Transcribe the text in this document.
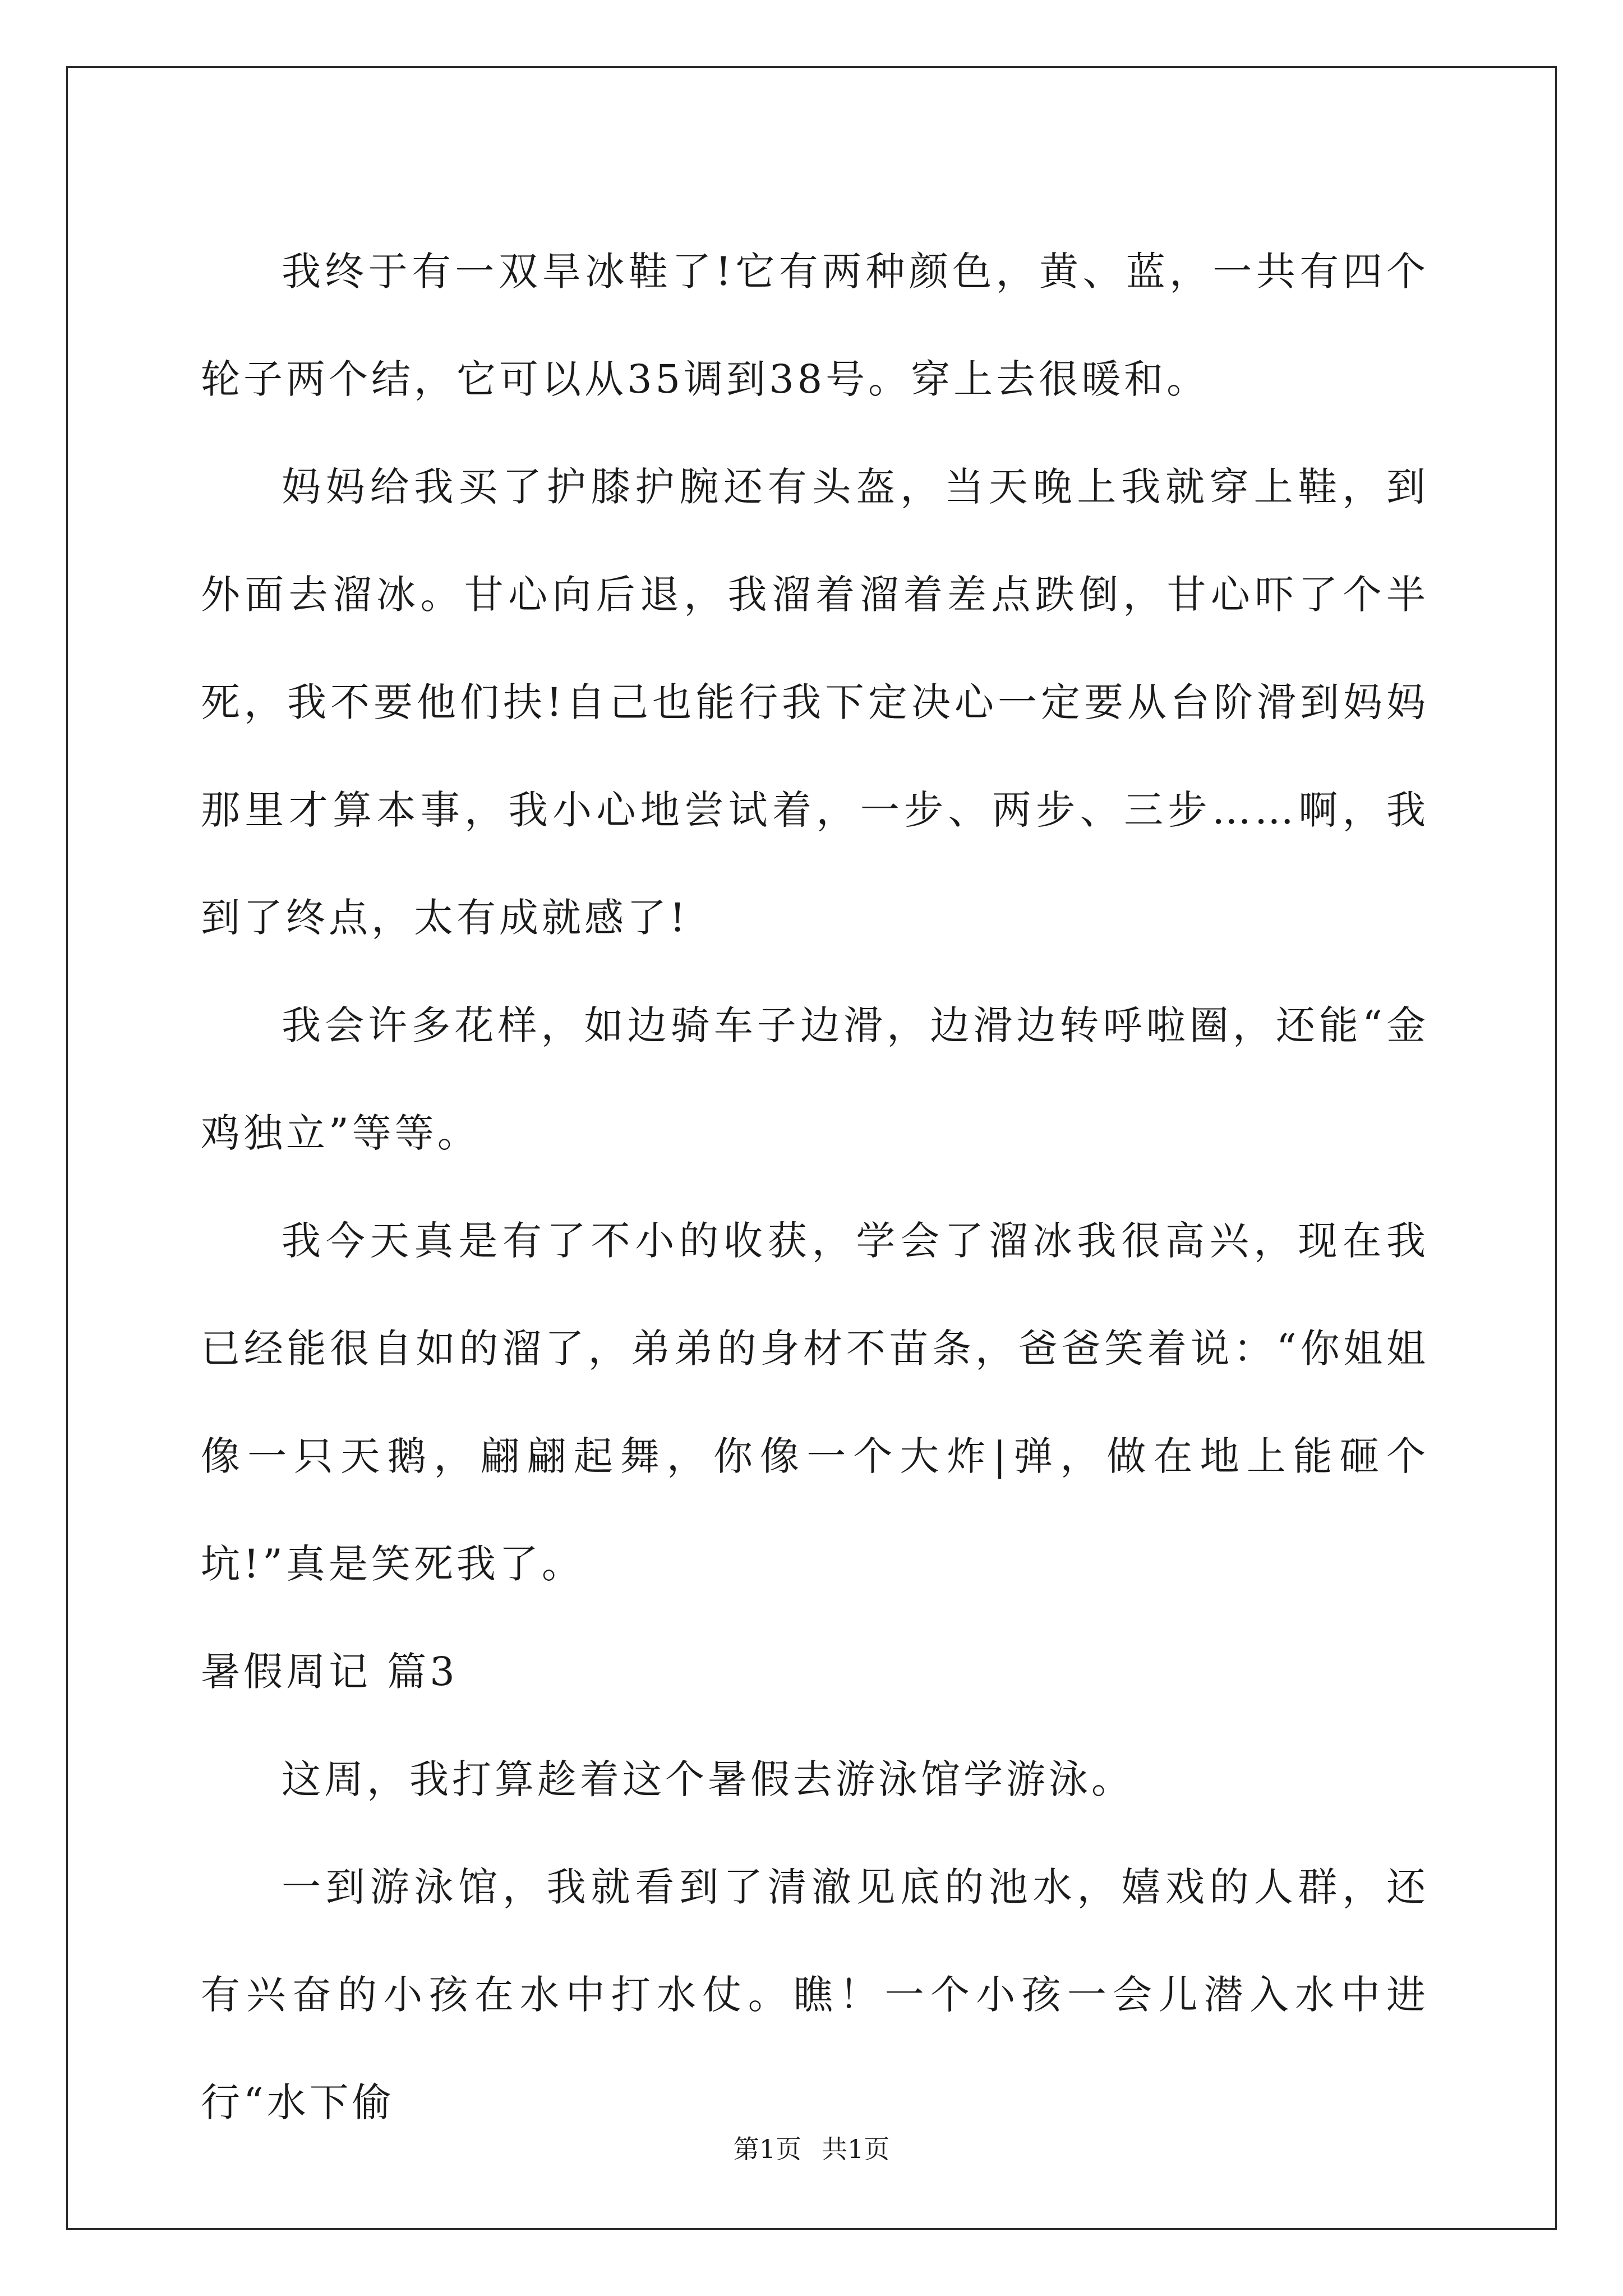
我终于有一双旱冰鞋了!它有两种颜色，黄、蓝，一共有四个轮子两个结，它可以从35调到38号。穿上去很暖和。

妈妈给我买了护膝护腕还有头盔，当天晚上我就穿上鞋，到外面去溜冰。甘心向后退，我溜着溜着差点跌倒，甘心吓了个半死，我不要他们扶!自己也能行我下定决心一定要从台阶滑到妈妈那里才算本事，我小心地尝试着，一步、两步、三步……啊，我到了终点，太有成就感了!

我会许多花样，如边骑车子边滑，边滑边转呼啦圈，还能“金鸡独立”等等。

我今天真是有了不小的收获，学会了溜冰我很高兴，现在我已经能很自如的溜了，弟弟的身材不苗条，爸爸笑着说：“你姐姐像一只天鹅，翩翩起舞，你像一个大炸|弹，做在地上能砸个坑!”真是笑死我了。

暑假周记 篇3

这周，我打算趁着这个暑假去游泳馆学游泳。

一到游泳馆，我就看到了清澈见底的池水，嬉戏的人群，还有兴奋的小孩在水中打水仗。瞧！一个小孩一会儿潜入水中进行“水下偷

第1页 共1页
